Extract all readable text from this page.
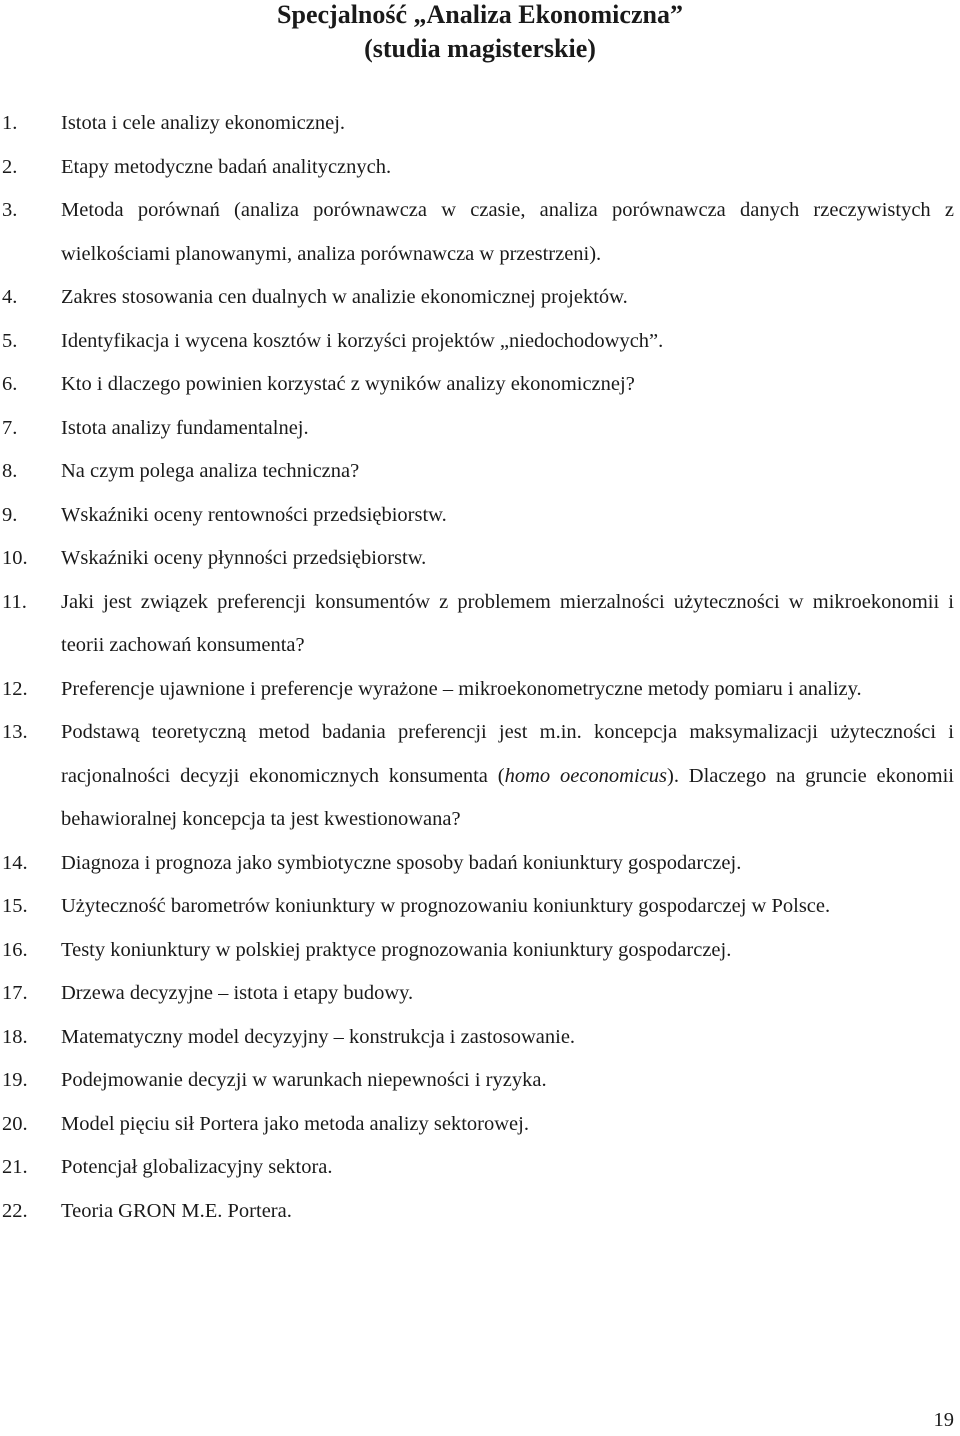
Specjalność „Analiza Ekonomiczna”
(studia magisterskie)
1.	Istota i cele analizy ekonomicznej.
2.	Etapy metodyczne badań analitycznych.
3.	Metoda porównań (analiza porównawcza w czasie, analiza porównawcza danych rzeczywistych z wielkościami planowanymi, analiza porównawcza w przestrzeni).
4.	Zakres stosowania cen dualnych w analizie ekonomicznej projektów.
5.	Identyfikacja i wycena kosztów i korzyści projektów „niedochodowych”.
6.	Kto i dlaczego powinien korzystać z wyników analizy ekonomicznej?
7.	Istota analizy fundamentalnej.
8.	Na czym polega analiza techniczna?
9.	Wskaźniki oceny rentowności przedsiębiorstw.
10.	Wskaźniki oceny płynności przedsiębiorstw.
11.	Jaki jest związek preferencji konsumentów z problemem mierzalności użyteczności w mikroekonomii i teorii zachowań konsumenta?
12.	Preferencje ujawnione i preferencje wyrażone – mikroekonometryczne metody pomiaru i analizy.
13.	Podstawą teoretyczną metod badania preferencji jest m.in. koncepcja maksymalizacji użyteczności i racjonalności decyzji ekonomicznych konsumenta (homo oeconomicus). Dlaczego na gruncie ekonomii behawioralnej koncepcja ta jest kwestionowana?
14.	Diagnoza i prognoza jako symbiotyczne sposoby badań koniunktury gospodarczej.
15.	Użyteczność barometrów koniunktury w prognozowaniu koniunktury gospodarczej w Polsce.
16.	Testy koniunktury w polskiej praktyce prognozowania koniunktury gospodarczej.
17.	Drzewa decyzyjne – istota i etapy budowy.
18.	Matematyczny model decyzyjny – konstrukcja i zastosowanie.
19.	Podejmowanie decyzji w warunkach niepewności i ryzyka.
20.	Model pięciu sił Portera jako metoda analizy sektorowej.
21.	Potencjał globalizacyjny sektora.
22.	Teoria GRON M.E. Portera.
19
